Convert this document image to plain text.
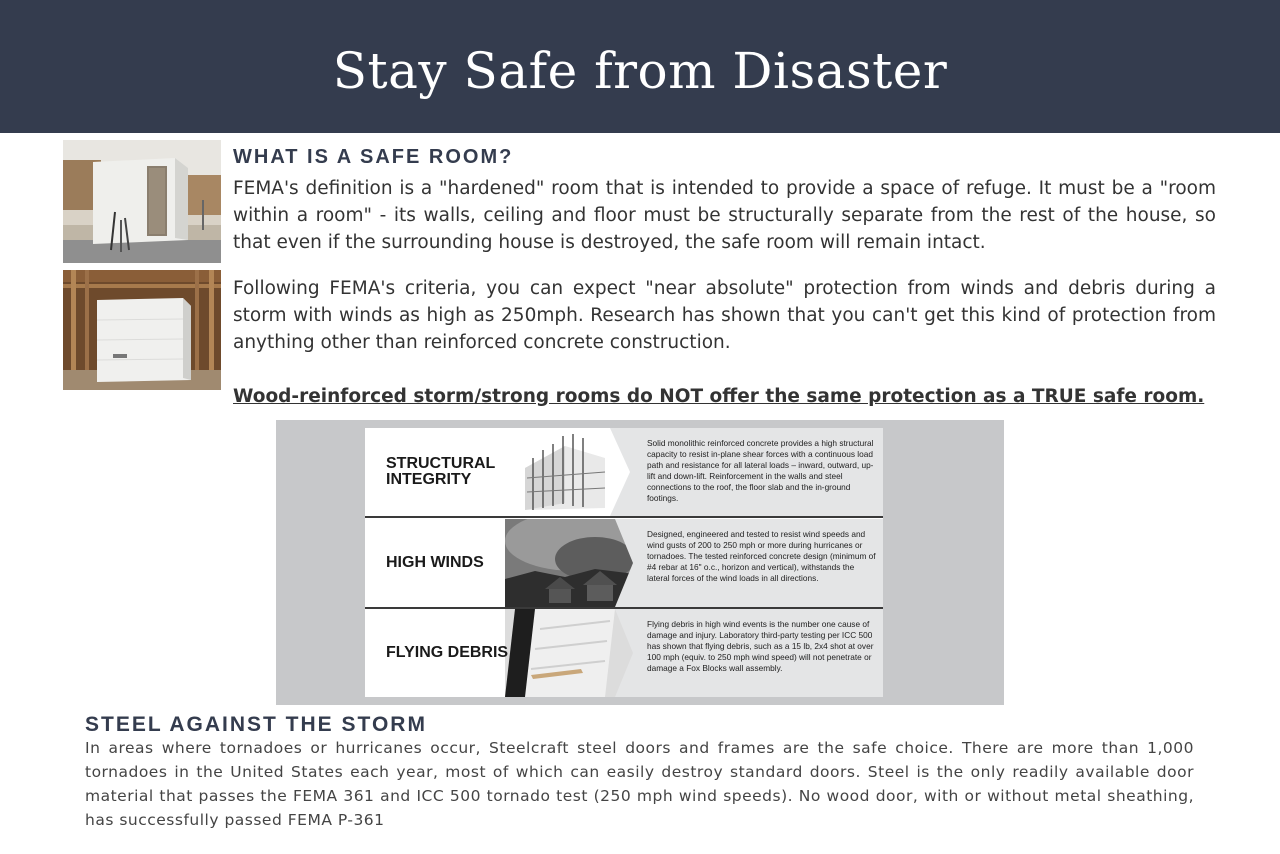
Stay Safe from Disaster
WHAT IS A SAFE ROOM?

FEMA's definition is a "hardened" room that is intended to provide a space of refuge. It must be a "room within a room" - its walls, ceiling and floor must be structurally separate from the rest of the house, so that even if the surrounding house is destroyed, the safe room will remain intact.

Following FEMA's criteria, you can expect "near absolute" protection from winds and debris during a storm with winds as high as 250mph. Research has shown that you can't get this kind of protection from anything other than reinforced concrete construction.

Wood-reinforced storm/strong rooms do NOT offer the same protection as a TRUE safe room.

STRUCTURAL
INTEGRITY
Solid monolithic reinforced concrete provides a high structural capacity to resist in-plane shear forces with a continuous load path and resistance for all lateral loads – inward, outward, up-lift and down-lift. Reinforcement in the walls and steel connections to the roof, the floor slab and the in-ground footings.
HIGH WINDS
Designed, engineered and tested to resist wind speeds and wind gusts of 200 to 250 mph or more during hurricanes or tornadoes. The tested reinforced concrete design (minimum of #4 rebar at 16" o.c., horizon and vertical), withstands the lateral forces of the wind loads in all directions.
FLYING DEBRIS
Flying debris in high wind events is the number one cause of damage and injury. Laboratory third-party testing per ICC 500 has shown that flying debris, such as a 15 lb, 2x4 shot at over 100 mph (equiv. to 250 mph wind speed) will not penetrate or damage a Fox Blocks wall assembly.
STEEL AGAINST THE STORM

In areas where tornadoes or hurricanes occur, Steelcraft steel doors and frames are the safe choice. There are more than 1,000 tornadoes in the United States each year, most of which can easily destroy standard doors. Steel is the only readily available door material that passes the FEMA 361 and ICC 500 tornado test (250 mph wind speeds). No wood door, with or without metal sheathing, has successfully passed FEMA P-361
